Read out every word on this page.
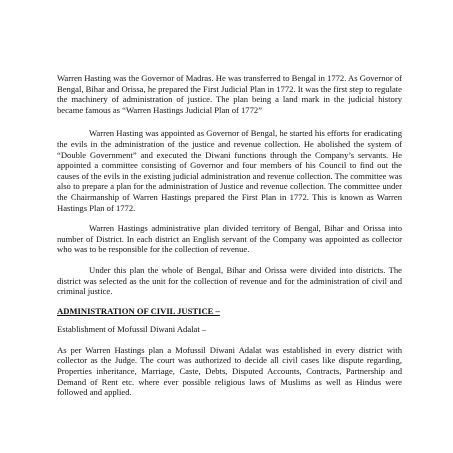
Warren Hasting was the Governor of Madras. He was transferred to Bengal in 1772. As Governor of Bengal, Bihar and Orissa, he prepared the First Judicial Plan in 1772. It was the first step to regulate the machinery of administration of justice. The plan being a land mark in the judicial history became famous as “Warren Hastings Judicial Plan of 1772”

Warren Hasting was appointed as Governor of Bengal, he started his efforts for eradicating the evils in the administration of the justice and revenue collection. He abolished the system of “Double Government” and executed the Diwani functions through the Company’s servants. He appointed a committee consisting of Governor and four members of his Council to find out the causes of the evils in the existing judicial administration and revenue collection. The committee was also to prepare a plan for the administration of Justice and revenue collection. The committee under the Chairmanship of Warren Hastings prepared the First Plan in 1772. This is known as Warren Hastings Plan of 1772.

Warren Hastings administrative plan divided territory of Bengal, Bihar and Orissa into number of District. In each district an English servant of the Company was appointed as collector who was to be responsible for the collection of revenue.

Under this plan the whole of Bengal, Bihar and Orissa were divided into districts. The district was selected as the unit for the collection of revenue and for the administration of civil and criminal justice.

ADMINISTRATION OF CIVIL JUSTICE –

Establishment of Mofussil Diwani Adalat –

As per Warren Hastings plan a Mofussil Diwani Adalat was established in every district with collector as the Judge. The court was authorized to decide all civil cases like dispute regarding, Properties inheritance, Marriage, Caste, Debts, Disputed Accounts, Contracts, Partnership and Demand of Rent etc. where ever possible religious laws of Muslims as well as Hindus were followed and applied.
